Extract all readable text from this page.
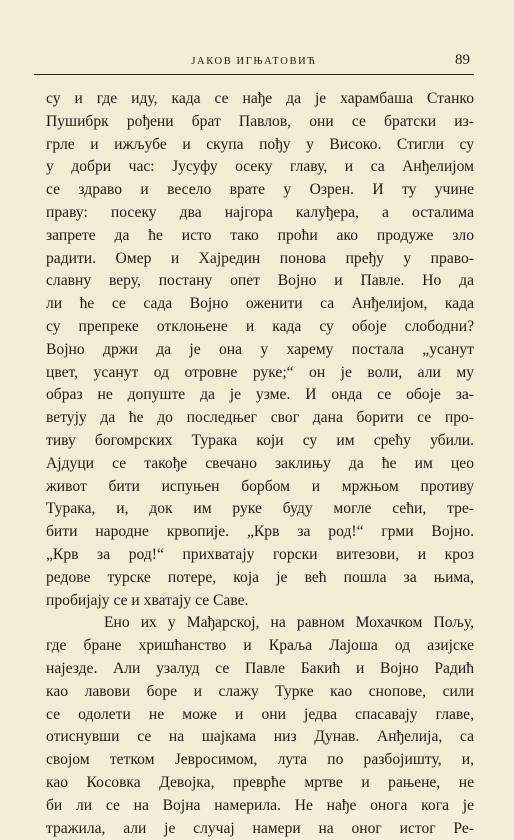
ЈАКОВ ИГЊАТОВИЋ	89
су и где иду, када се нађе да је харамбаша Станко
Пушибрк рођени брат Павлов, они се братски из-
грле и ижљубе и скупа пођу у Високо. Стигли су
у добри час: Јусуфу осеку главу, и са Анђелијом
се здраво и весело врате у Озрен. И ту учине
праву: посеку два најгора калуђера, а осталима
запрете да ће исто тако проћи ако продуже зло
радити. Омер и Хајредин понова пређу у право-
славну веру, постану опет Војно и Павле. Но да
ли ће се сада Војно оженити са Анђелијом, када
су препреке отклоњене и када су обоје слободни?
Војно држи да је она у харему постала „усанут
цвет, усанут од отровне руке;“ он је воли, али му
образ не допуште да је узме. И онда се обоје за-
ветују да ће до последњег свог дана борити се про-
тиву богомрских Турака који су им срећу убили.
Ајдуци се такође свечано заклињу да ће им цео
живот бити испуњен борбом и мржњом противу
Турака, и, док им руке буду могле сећи, тре-
бити народне крвопије. „Крв за род!“ грми Војно.
„Крв за род!“ прихватају горски витезови, и кроз
редове турске потере, која је већ пошла за њима,
пробијају се и хватају се Саве.
Ено их у Мађарској, на равном Мохачком Пољу,
где бране хришћанство и Краља Лајоша од азијске
најезде. Али узалуд се Павле Бакић и Војно Радић
као лавови боре и слажу Турке као снопове, сили
се одолети не може и они једва спасавају главе,
отиснувши се на шајкама низ Дунав. Анђелија, са
својом тетком Јевросимом, лута по разбојишту, и,
као Косовка Девојка, преврће мртве и рањене, не
би ли се на Војна намерила. Не нађе онога кога је
тражила, али је случај намери на оног истог Ре-
